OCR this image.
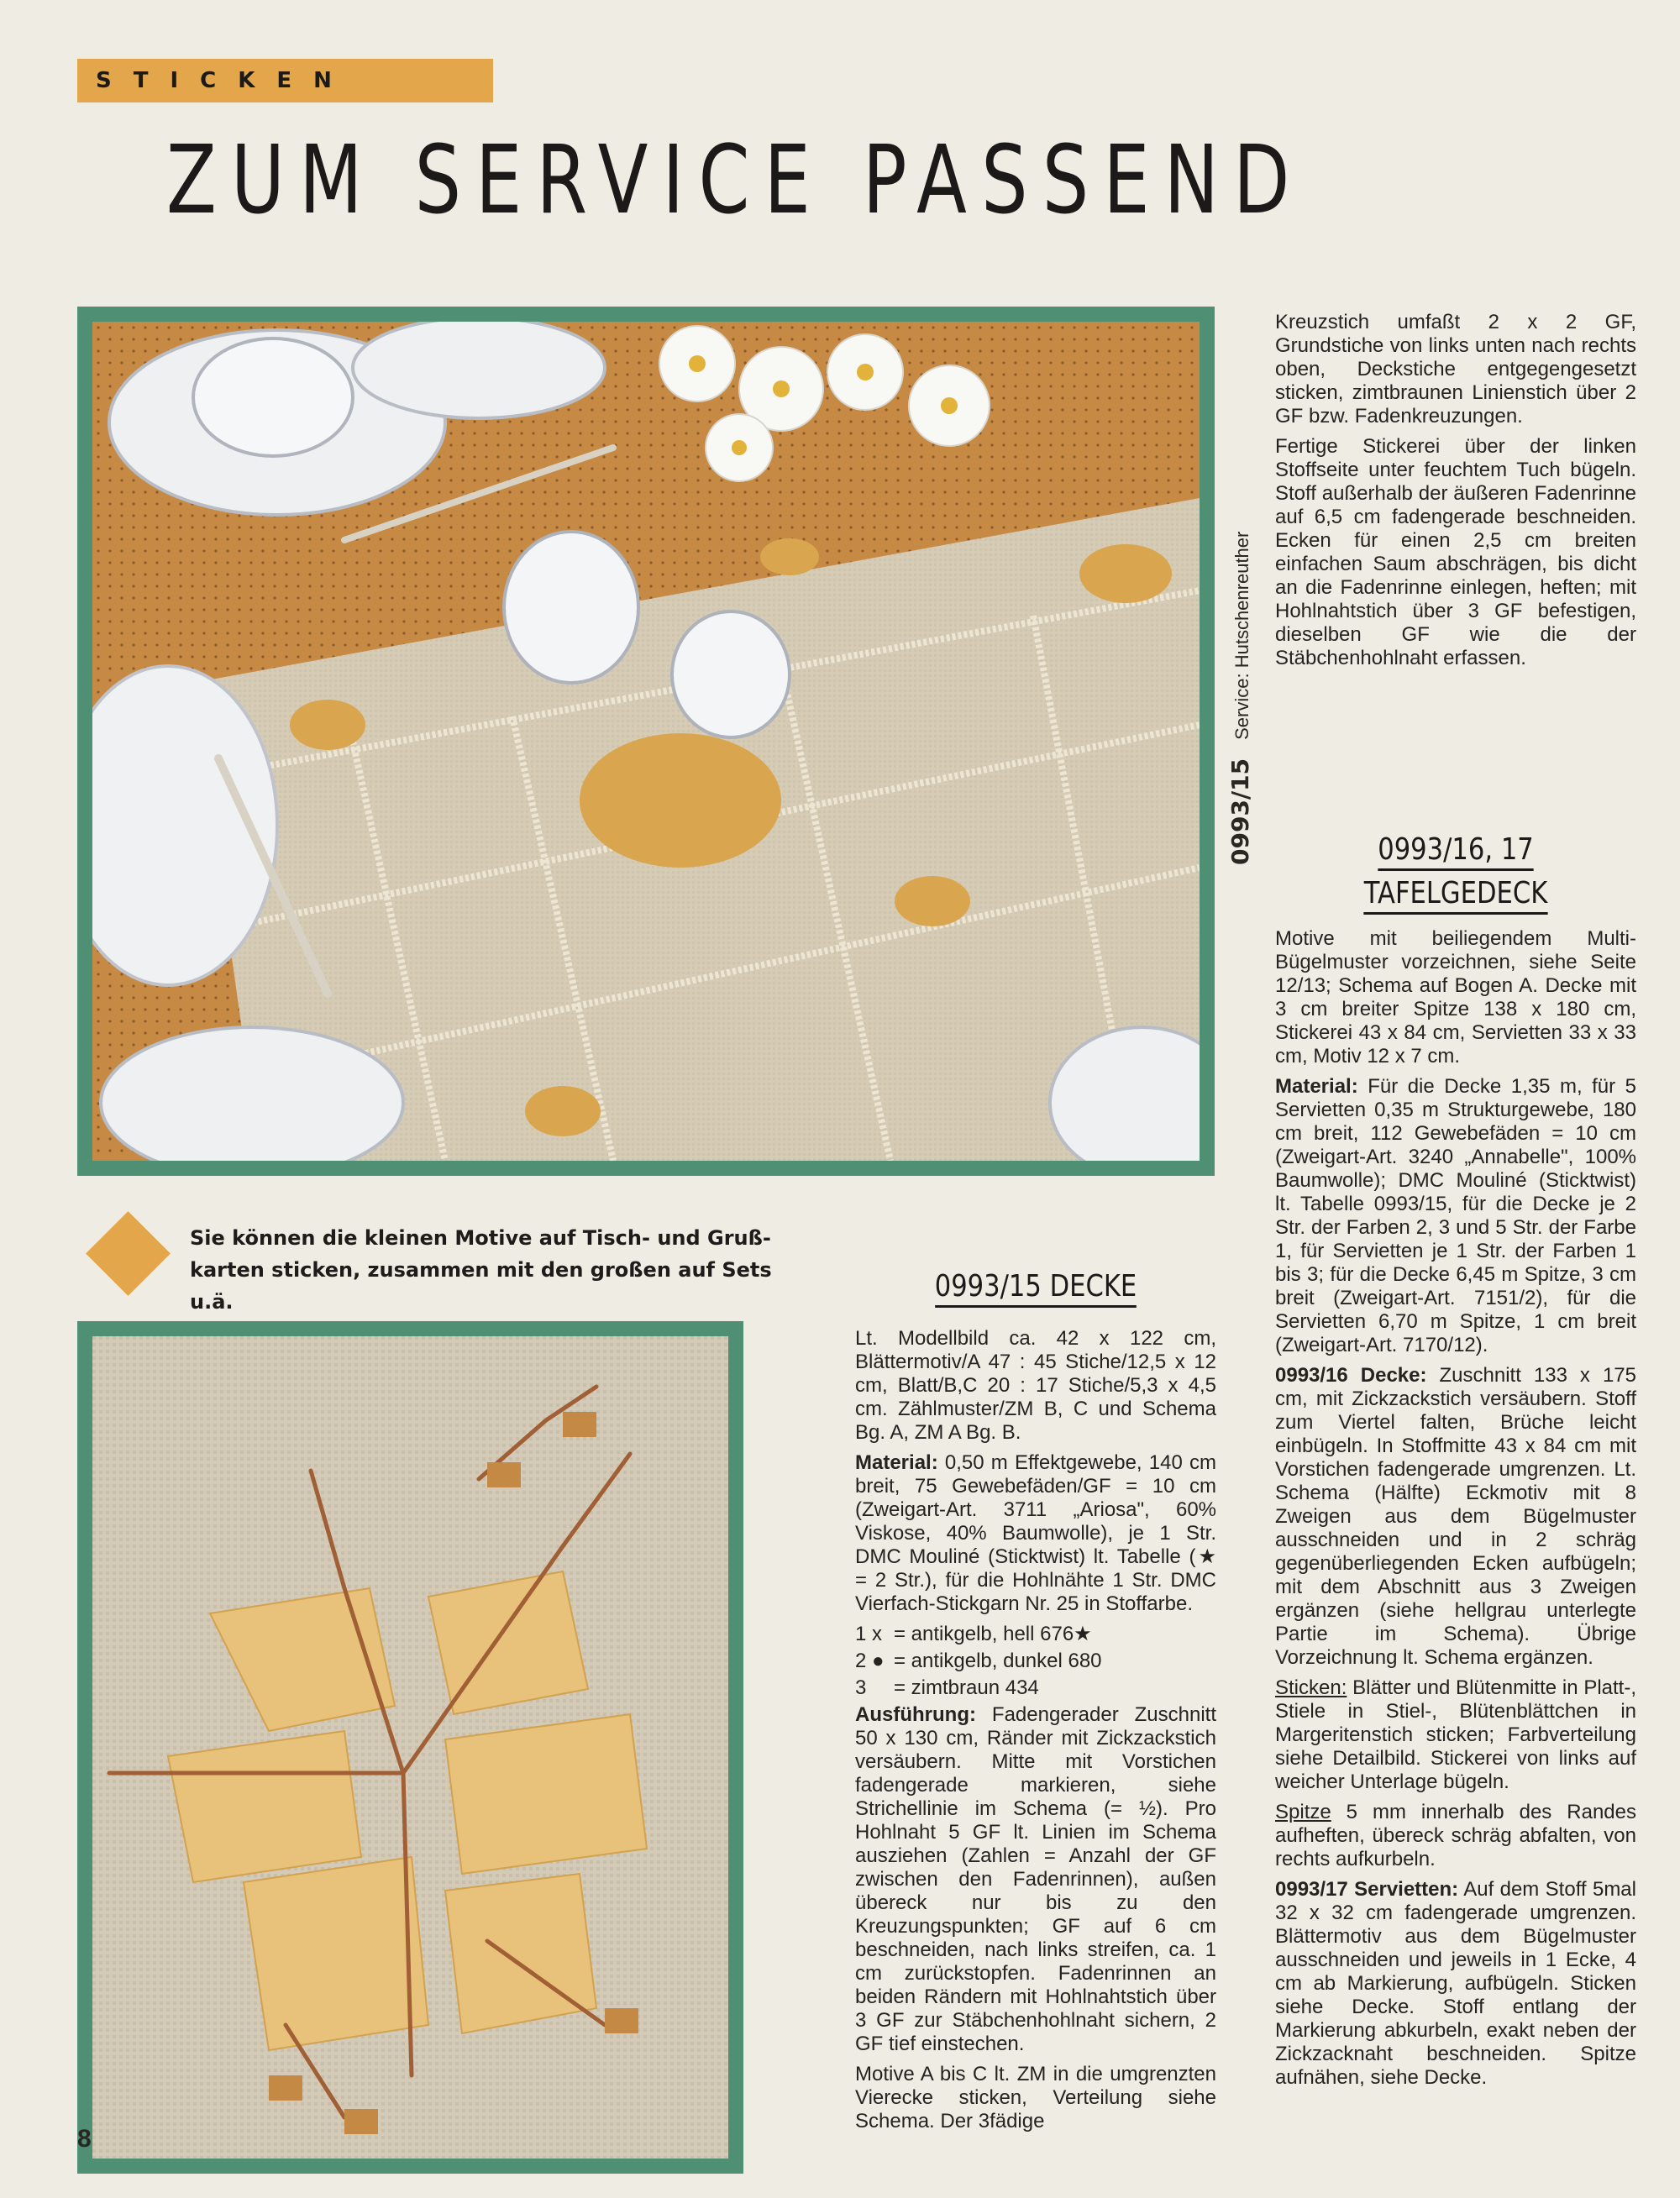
STICKEN
ZUM SERVICE PASSEND
0993/15Service: Hutschenreuther
Sie können die kleinen Motive auf Tisch- und Gruß-karten sticken, zusammen mit den großen auf Sets u.ä.	0993/15 DECKE

Lt. Modellbild ca. 42 x 122 cm, Blättermotiv/A 47 : 45 Stiche/12,5 x 12 cm, Blatt/B,C 20 : 17 Stiche/5,3 x 4,5 cm. Zählmuster/ZM B, C und Schema Bg. A, ZM A Bg. B.

Material: 0,50 m Effektgewebe, 140 cm breit, 75 Gewebefäden/GF = 10 cm (Zweigart-Art. 3711 „Ariosa", 60% Viskose, 40% Baumwolle), je 1 Str. DMC Mouliné (Sticktwist) lt. Tabelle (★ = 2 Str.), für die Hohlnähte 1 Str. DMC Vierfach-Stickgarn Nr. 25 in Stoffarbe.

1 x = antikgelb, hell 676★
2 ● = antikgelb, dunkel 680
3	= zimtbraun 434

Ausführung: Fadengerader Zuschnitt 50 x 130 cm, Ränder mit Zickzackstich versäubern. Mitte mit Vorstichen fadengerade markieren, siehe Strichellinie im Schema (= ½). Pro Hohlnaht 5 GF lt. Linien im Schema ausziehen (Zahlen = Anzahl der GF zwischen den Fadenrinnen), außen übereck nur bis zu den Kreuzungspunkten; GF auf 6 cm beschneiden, nach links streifen, ca. 1 cm zurückstopfen. Fadenrinnen an beiden Rändern mit Hohlnahtstich über 3 GF zur Stäbchenhohlnaht sichern, 2 GF tief einstechen.

Motive A bis C lt. ZM in die umgrenzten Vierecke sticken, Verteilung siehe Schema. Der 3fädige

Kreuzstich umfaßt 2 x 2 GF, Grundstiche von links unten nach rechts oben, Deckstiche entgegengesetzt sticken, zimtbraunen Linienstich über 2 GF bzw. Fadenkreuzungen.

Fertige Stickerei über der linken Stoffseite unter feuchtem Tuch bügeln. Stoff außerhalb der äußeren Fadenrinne auf 6,5 cm fadengerade beschneiden. Ecken für einen 2,5 cm breiten einfachen Saum abschrägen, bis dicht an die Fadenrinne einlegen, heften; mit Hohlnahtstich über 3 GF befestigen, dieselben GF wie die der Stäbchenhohlnaht erfassen.

0993/16, 17
TAFELGEDECK

Motive mit beiliegendem Multi-Bügelmuster vorzeichnen, siehe Seite 12/13; Schema auf Bogen A. Decke mit 3 cm breiter Spitze 138 x 180 cm, Stickerei 43 x 84 cm, Servietten 33 x 33 cm, Motiv 12 x 7 cm.

Material: Für die Decke 1,35 m, für 5 Servietten 0,35 m Strukturgewebe, 180 cm breit, 112 Gewebefäden = 10 cm (Zweigart-Art. 3240 „Annabelle", 100% Baumwolle); DMC Mouliné (Sticktwist) lt. Tabelle 0993/15, für die Decke je 2 Str. der Farben 2, 3 und 5 Str. der Farbe 1, für Servietten je 1 Str. der Farben 1 bis 3; für die Decke 6,45 m Spitze, 3 cm breit (Zweigart-Art. 7151/2), für die Servietten 6,70 m Spitze, 1 cm breit (Zweigart-Art. 7170/12).

0993/16 Decke: Zuschnitt 133 x 175 cm, mit Zickzackstich versäubern. Stoff zum Viertel falten, Brüche leicht einbügeln. In Stoffmitte 43 x 84 cm mit Vorstichen fadengerade umgrenzen. Lt. Schema (Hälfte) Eckmotiv mit 8 Zweigen aus dem Bügelmuster ausschneiden und in 2 schräg gegenüberliegenden Ecken aufbügeln; mit dem Abschnitt aus 3 Zweigen ergänzen (siehe hellgrau unterlegte Partie im Schema). Übrige Vorzeichnung lt. Schema ergänzen.

Sticken: Blätter und Blütenmitte in Platt-, Stiele in Stiel-, Blütenblättchen in Margeritenstich sticken; Farbverteilung siehe Detailbild. Stickerei von links auf weicher Unterlage bügeln.

Spitze 5 mm innerhalb des Randes aufheften, übereck schräg abfalten, von rechts aufkurbeln.

0993/17 Servietten: Auf dem Stoff 5mal 32 x 32 cm fadengerade umgrenzen. Blättermotiv aus dem Bügelmuster ausschneiden und jeweils in 1 Ecke, 4 cm ab Markierung, aufbügeln. Sticken siehe Decke. Stoff entlang der Markierung abkurbeln, exakt neben der Zickzacknaht beschneiden. Spitze aufnähen, siehe Decke.

8
